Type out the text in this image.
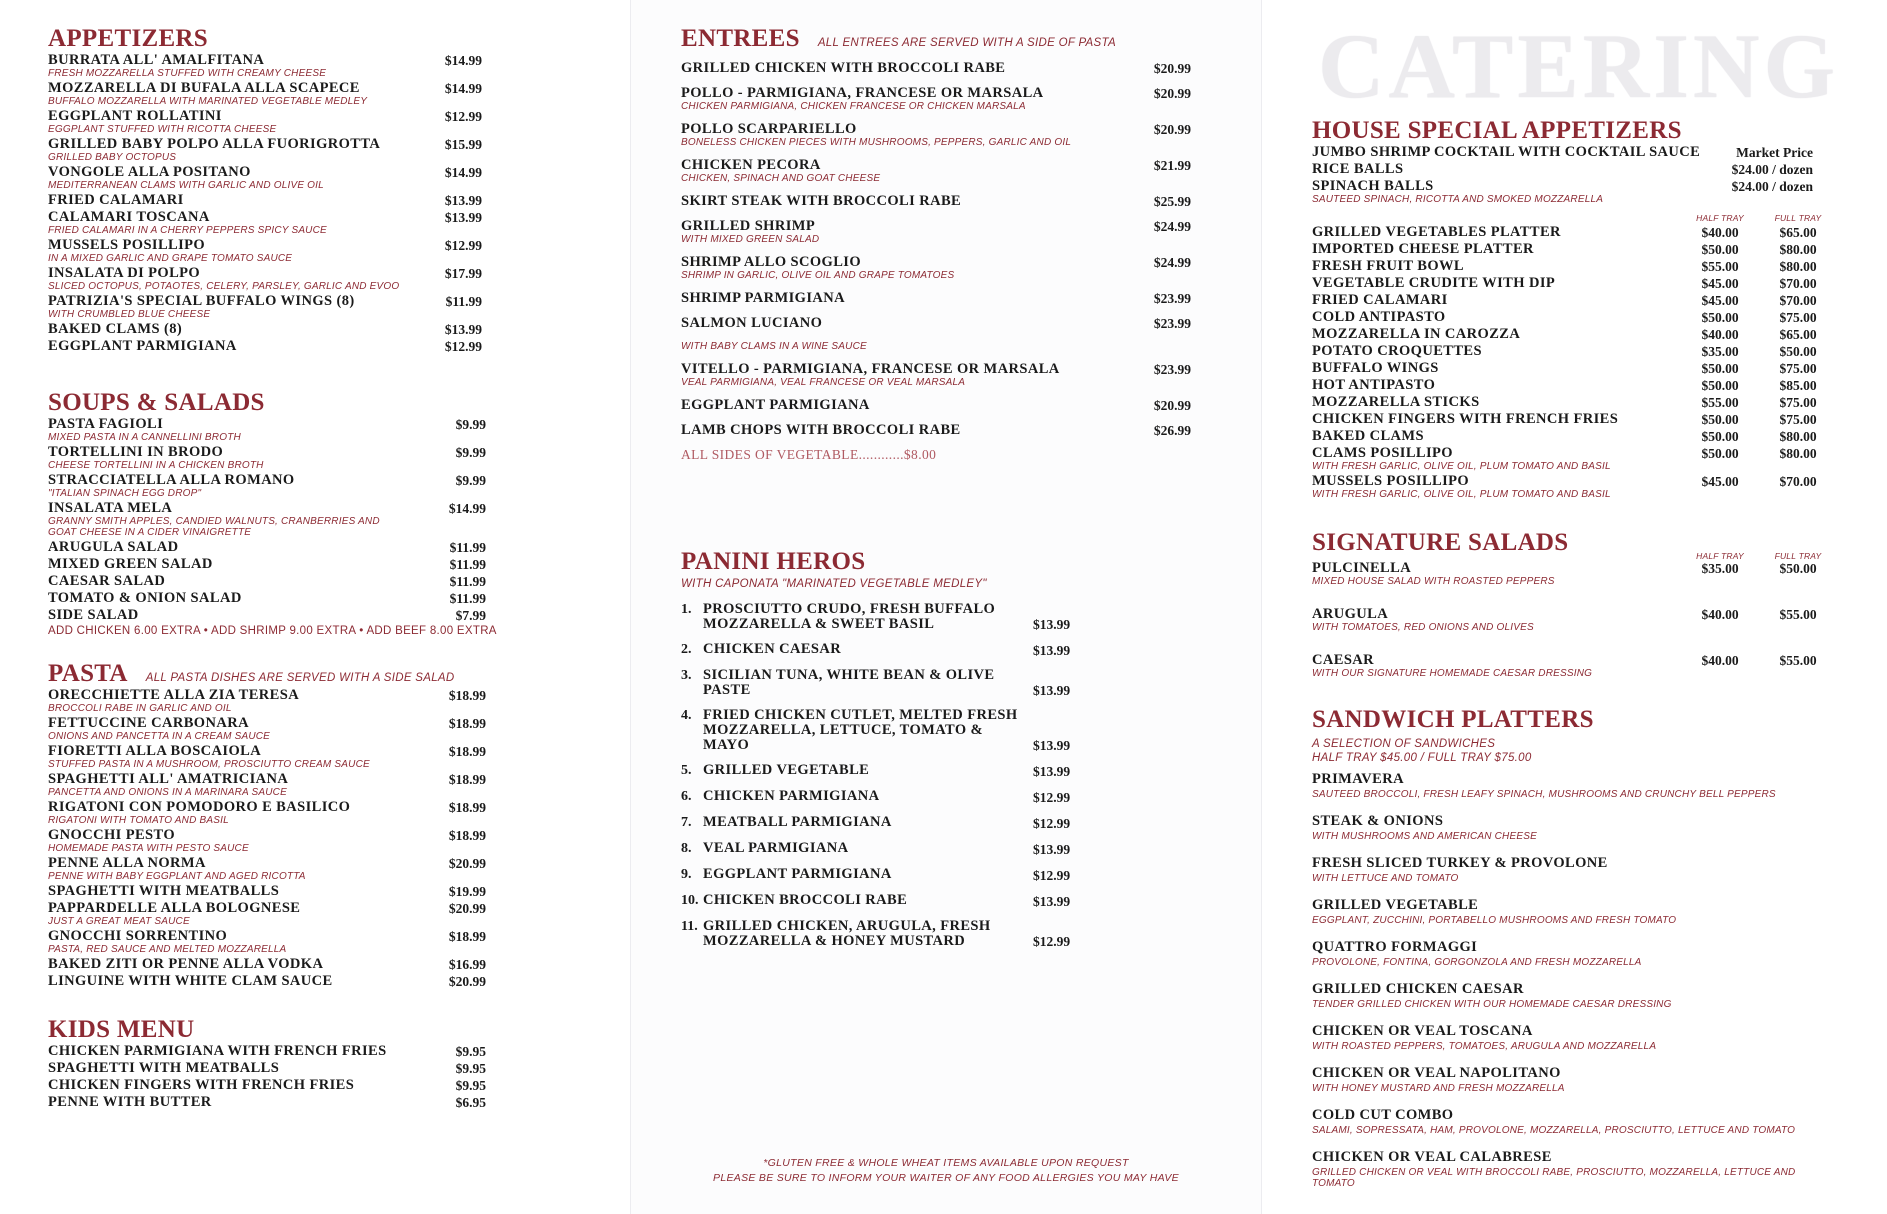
APPETIZERS
BURRATA ALL' AMALFITANA	$14.99
FRESH MOZZARELLA STUFFED WITH CREAMY CHEESE
MOZZARELLA DI BUFALA ALLA SCAPECE	$14.99
BUFFALO MOZZARELLA WITH MARINATED VEGETABLE MEDLEY
EGGPLANT ROLLATINI	$12.99
EGGPLANT STUFFED WITH RICOTTA CHEESE
GRILLED BABY POLPO ALLA FUORIGROTTA	$15.99
GRILLED BABY OCTOPUS
VONGOLE ALLA POSITANO	$14.99
MEDITERRANEAN CLAMS WITH GARLIC AND OLIVE OIL
FRIED CALAMARI	$13.99
CALAMARI TOSCANA	$13.99
FRIED CALAMARI IN A CHERRY PEPPERS SPICY SAUCE
MUSSELS POSILLIPO	$12.99
IN A MIXED GARLIC AND GRAPE TOMATO SAUCE
INSALATA DI POLPO	$17.99
SLICED OCTOPUS, POTAOTES, CELERY, PARSLEY, GARLIC AND EVOO
PATRIZIA'S SPECIAL BUFFALO WINGS (8)	$11.99
WITH CRUMBLED BLUE CHEESE
BAKED CLAMS (8)	$13.99
EGGPLANT PARMIGIANA	$12.99
SOUPS & SALADS
PASTA FAGIOLI	$9.99
MIXED PASTA IN A CANNELLINI BROTH
TORTELLINI IN BRODO	$9.99
CHEESE TORTELLINI IN A CHICKEN BROTH
STRACCIATELLA ALLA ROMANO	$9.99
"ITALIAN SPINACH EGG DROP"
INSALATA MELA	$14.99
GRANNY SMITH APPLES, CANDIED WALNUTS, CRANBERRIES AND GOAT CHEESE IN A CIDER VINAIGRETTE
ARUGULA SALAD	$11.99
MIXED GREEN SALAD	$11.99
CAESAR SALAD	$11.99
TOMATO & ONION SALAD	$11.99
SIDE SALAD	$7.99
ADD CHICKEN 6.00 EXTRA • ADD SHRIMP 9.00 EXTRA • ADD BEEF 8.00 EXTRA
PASTA ALL PASTA DISHES ARE SERVED WITH A SIDE SALAD
ORECCHIETTE ALLA ZIA TERESA	$18.99
BROCCOLI RABE IN GARLIC AND OIL
FETTUCCINE CARBONARA	$18.99
ONIONS AND PANCETTA IN A CREAM SAUCE
FIORETTI ALLA BOSCAIOLA	$18.99
STUFFED PASTA IN A MUSHROOM, PROSCIUTTO CREAM SAUCE
SPAGHETTI ALL' AMATRICIANA	$18.99
PANCETTA AND ONIONS IN A MARINARA SAUCE
RIGATONI CON POMODORO E BASILICO	$18.99
RIGATONI WITH TOMATO AND BASIL
GNOCCHI PESTO	$18.99
HOMEMADE PASTA WITH PESTO SAUCE
PENNE ALLA NORMA	$20.99
PENNE WITH BABY EGGPLANT AND AGED RICOTTA
SPAGHETTI WITH MEATBALLS	$19.99
PAPPARDELLE ALLA BOLOGNESE	$20.99
JUST A GREAT MEAT SAUCE
GNOCCHI SORRENTINO	$18.99
PASTA, RED SAUCE AND MELTED MOZZARELLA
BAKED ZITI OR PENNE ALLA VODKA	$16.99
LINGUINE WITH WHITE CLAM SAUCE	$20.99
KIDS MENU
CHICKEN PARMIGIANA WITH FRENCH FRIES	$9.95
SPAGHETTI WITH MEATBALLS	$9.95
CHICKEN FINGERS WITH FRENCH FRIES	$9.95
PENNE WITH BUTTER	$6.95
ENTREES ALL ENTREES ARE SERVED WITH A SIDE OF PASTA
GRILLED CHICKEN WITH BROCCOLI RABE	$20.99
POLLO - PARMIGIANA, FRANCESE OR MARSALA	$20.99
CHICKEN PARMIGIANA, CHICKEN FRANCESE OR CHICKEN MARSALA
POLLO SCARPARIELLO	$20.99
BONELESS CHICKEN PIECES WITH MUSHROOMS, PEPPERS, GARLIC AND OIL
CHICKEN PECORA	$21.99
CHICKEN, SPINACH AND GOAT CHEESE
SKIRT STEAK WITH BROCCOLI RABE	$25.99
GRILLED SHRIMP	$24.99
WITH MIXED GREEN SALAD
SHRIMP ALLO SCOGLIO	$24.99
SHRIMP IN GARLIC, OLIVE OIL AND GRAPE TOMATOES
SHRIMP PARMIGIANA	$23.99
SALMON LUCIANO	$23.99
WITH BABY CLAMS IN A WINE SAUCE
VITELLO - PARMIGIANA, FRANCESE OR MARSALA	$23.99
VEAL PARMIGIANA, VEAL FRANCESE OR VEAL MARSALA
EGGPLANT PARMIGIANA	$20.99
LAMB CHOPS WITH BROCCOLI RABE	$26.99
ALL SIDES OF VEGETABLE............$8.00
PANINI HEROS
WITH CAPONATA "MARINATED VEGETABLE MEDLEY"
1. PROSCIUTTO CRUDO, FRESH BUFFALO MOZZARELLA & SWEET BASIL	$13.99
2. CHICKEN CAESAR	$13.99
3. SICILIAN TUNA, WHITE BEAN & OLIVE PASTE	$13.99
4. FRIED CHICKEN CUTLET, MELTED FRESH MOZZARELLA, LETTUCE, TOMATO & MAYO	$13.99
5. GRILLED VEGETABLE	$13.99
6. CHICKEN PARMIGIANA	$12.99
7. MEATBALL PARMIGIANA	$12.99
8. VEAL PARMIGIANA	$13.99
9. EGGPLANT PARMIGIANA	$12.99
10. CHICKEN BROCCOLI RABE	$13.99
11. GRILLED CHICKEN, ARUGULA, FRESH MOZZARELLA & HONEY MUSTARD	$12.99
*GLUTEN FREE & WHOLE WHEAT ITEMS AVAILABLE UPON REQUEST
PLEASE BE SURE TO INFORM YOUR WAITER OF ANY FOOD ALLERGIES YOU MAY HAVE
CATERING
HOUSE SPECIAL APPETIZERS
JUMBO SHRIMP COCKTAIL WITH COCKTAIL SAUCE	Market Price
RICE BALLS	$24.00 / dozen
SPINACH BALLS	$24.00 / dozen
SAUTEED SPINACH, RICOTTA AND SMOKED MOZZARELLA
HALF TRAY	FULL TRAY
GRILLED VEGETABLES PLATTER	$40.00	$65.00
IMPORTED CHEESE PLATTER	$50.00	$80.00
FRESH FRUIT BOWL	$55.00	$80.00
VEGETABLE CRUDITE WITH DIP	$45.00	$70.00
FRIED CALAMARI	$45.00	$70.00
COLD ANTIPASTO	$50.00	$75.00
MOZZARELLA IN CAROZZA	$40.00	$65.00
POTATO CROQUETTES	$35.00	$50.00
BUFFALO WINGS	$50.00	$75.00
HOT ANTIPASTO	$50.00	$85.00
MOZZARELLA STICKS	$55.00	$75.00
CHICKEN FINGERS WITH FRENCH FRIES	$50.00	$75.00
BAKED CLAMS	$50.00	$80.00
CLAMS POSILLIPO	$50.00	$80.00
WITH FRESH GARLIC, OLIVE OIL, PLUM TOMATO AND BASIL
MUSSELS POSILLIPO	$45.00	$70.00
WITH FRESH GARLIC, OLIVE OIL, PLUM TOMATO AND BASIL
SIGNATURE SALADS	HALF TRAY	FULL TRAY
PULCINELLA	$35.00	$50.00
MIXED HOUSE SALAD WITH ROASTED PEPPERS
ARUGULA	$40.00	$55.00
WITH TOMATOES, RED ONIONS AND OLIVES
CAESAR	$40.00	$55.00
WITH OUR SIGNATURE HOMEMADE CAESAR DRESSING
SANDWICH PLATTERS
A SELECTION OF SANDWICHES
HALF TRAY $45.00 / FULL TRAY $75.00
PRIMAVERA
SAUTEED BROCCOLI, FRESH LEAFY SPINACH, MUSHROOMS AND CRUNCHY BELL PEPPERS
STEAK & ONIONS
WITH MUSHROOMS AND AMERICAN CHEESE
FRESH SLICED TURKEY & PROVOLONE
WITH LETTUCE AND TOMATO
GRILLED VEGETABLE
EGGPLANT, ZUCCHINI, PORTABELLO MUSHROOMS AND FRESH TOMATO
QUATTRO FORMAGGI
PROVOLONE, FONTINA, GORGONZOLA AND FRESH MOZZARELLA
GRILLED CHICKEN CAESAR
TENDER GRILLED CHICKEN WITH OUR HOMEMADE CAESAR DRESSING
CHICKEN OR VEAL TOSCANA
WITH ROASTED PEPPERS, TOMATOES, ARUGULA AND MOZZARELLA
CHICKEN OR VEAL NAPOLITANO
WITH HONEY MUSTARD AND FRESH MOZZARELLA
COLD CUT COMBO
SALAMI, SOPRESSATA, HAM, PROVOLONE, MOZZARELLA, PROSCIUTTO, LETTUCE AND TOMATO
CHICKEN OR VEAL CALABRESE
GRILLED CHICKEN OR VEAL WITH BROCCOLI RABE, PROSCIUTTO, MOZZARELLA, LETTUCE AND TOMATO
